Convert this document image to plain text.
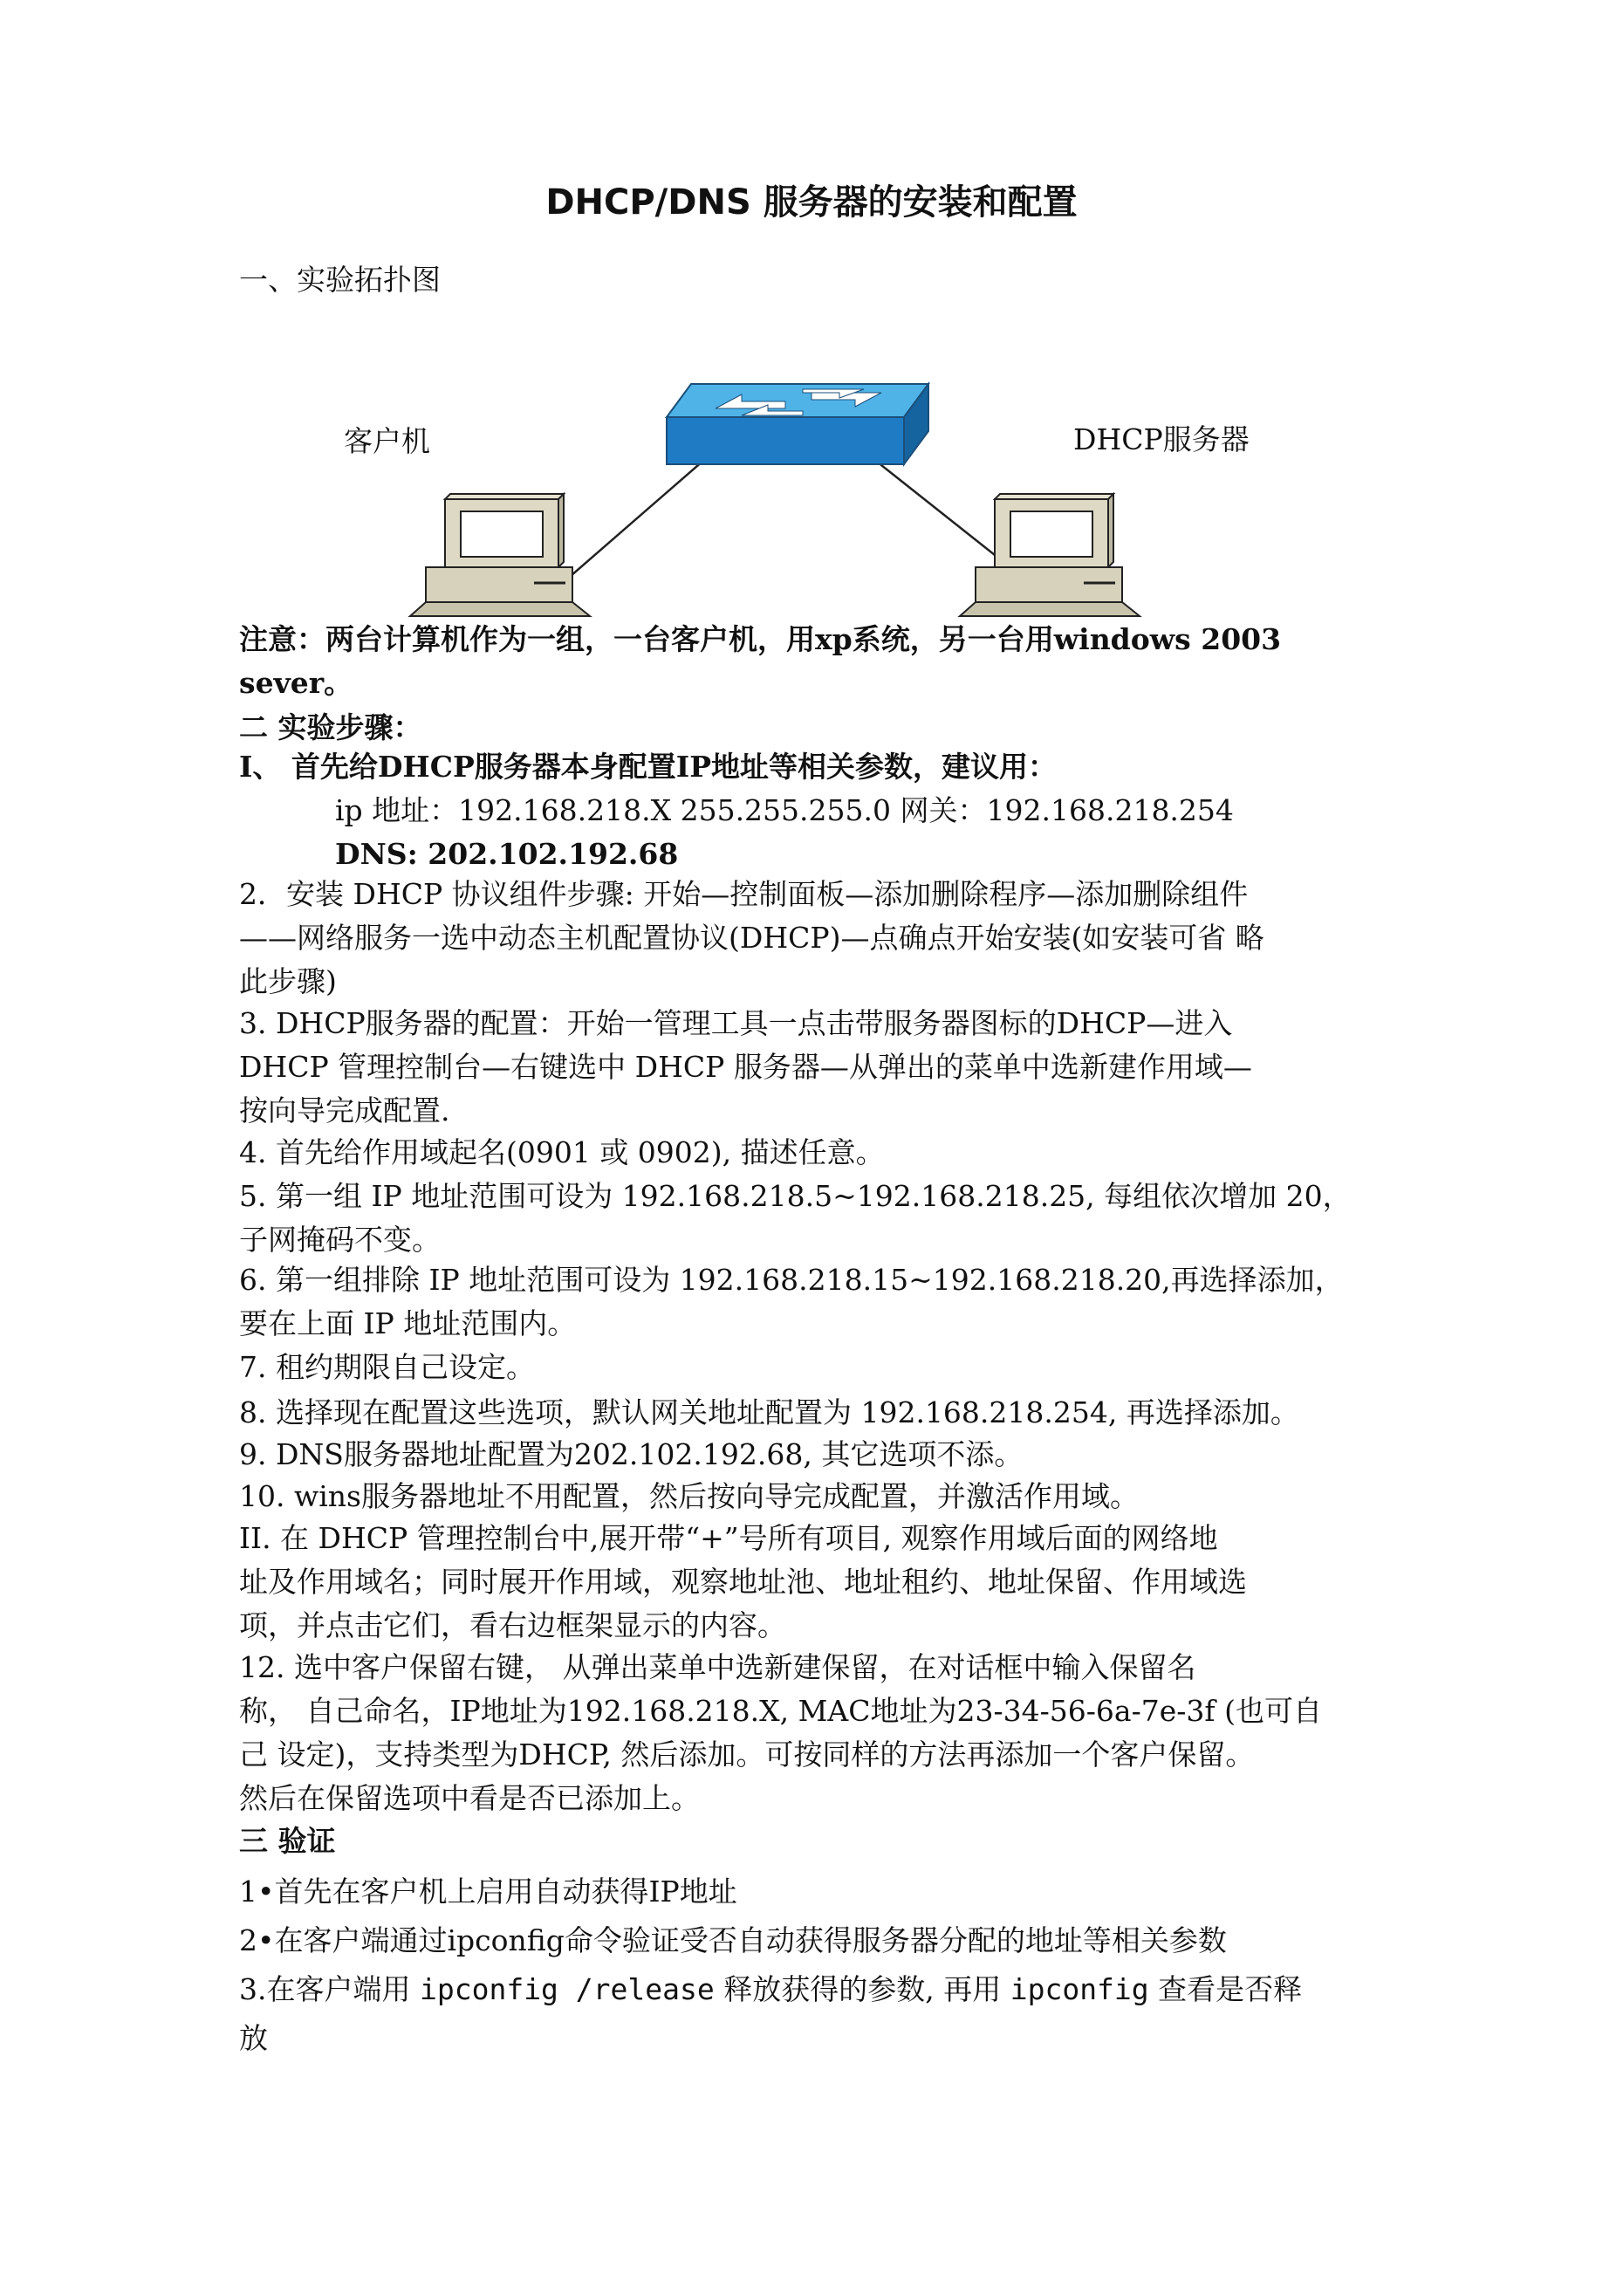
DHCP/DNS 服务器的安装和配置
一、实验拓扑图
客户机	DHCP服务器
注意：两台计算机作为一组，一台客户机，用xp系统，另一台用windows 2003
sever。
二 实验步骤：
I、 首先给DHCP服务器本身配置IP地址等相关参数，建议用：
ip 地址：192.168.218.X 255.255.255.0 网关：192.168.218.254
DNS: 202.102.192.68
2．安装 DHCP 协议组件步骤: 开始—控制面板—添加删除程序—添加删除组件
——网络服务一选中动态主机配置协议(DHCP)—点确点开始安装(如安装可省 略
此步骤)
3. DHCP服务器的配置：开始一管理工具一点击带服务器图标的DHCP—进入
DHCP 管理控制台—右键选中 DHCP 服务器—从弹出的菜单中选新建作用域—
按向导完成配置.
4. 首先给作用域起名(0901 或 0902), 描述任意。
5. 第一组 IP 地址范围可设为 192.168.218.5~192.168.218.25, 每组依次增加 20，
子网掩码不变。
6. 第一组排除 IP 地址范围可设为 192.168.218.15~192.168.218.20,再选择添加，
要在上面 IP 地址范围内。
7. 租约期限自己设定。
8. 选择现在配置这些选项，默认网关地址配置为 192.168.218.254, 再选择添加。
9. DNS服务器地址配置为202.102.192.68, 其它选项不添。
10. wins服务器地址不用配置，然后按向导完成配置，并激活作用域。
II. 在 DHCP 管理控制台中,展开带“+”号所有项目, 观察作用域后面的网络地
址及作用域名；同时展开作用域，观察地址池、地址租约、地址保留、作用域选
项，并点击它们，看右边框架显示的内容。
12. 选中客户保留右键， 从弹出菜单中选新建保留，在对话框中输入保留名
称， 自己命名，IP地址为192.168.218.X, MAC地址为23-34-56-6a-7e-3f (也可自
己 设定)，支持类型为DHCP, 然后添加。可按同样的方法再添加一个客户保留。
然后在保留选项中看是否已添加上。
三 验证
1•首先在客户机上启用自动获得IP地址
2•在客户端通过ipconfig命令验证受否自动获得服务器分配的地址等相关参数
3.在客户端用 ipconfig /release 释放获得的参数, 再用 ipconfig 查看是否释
放
